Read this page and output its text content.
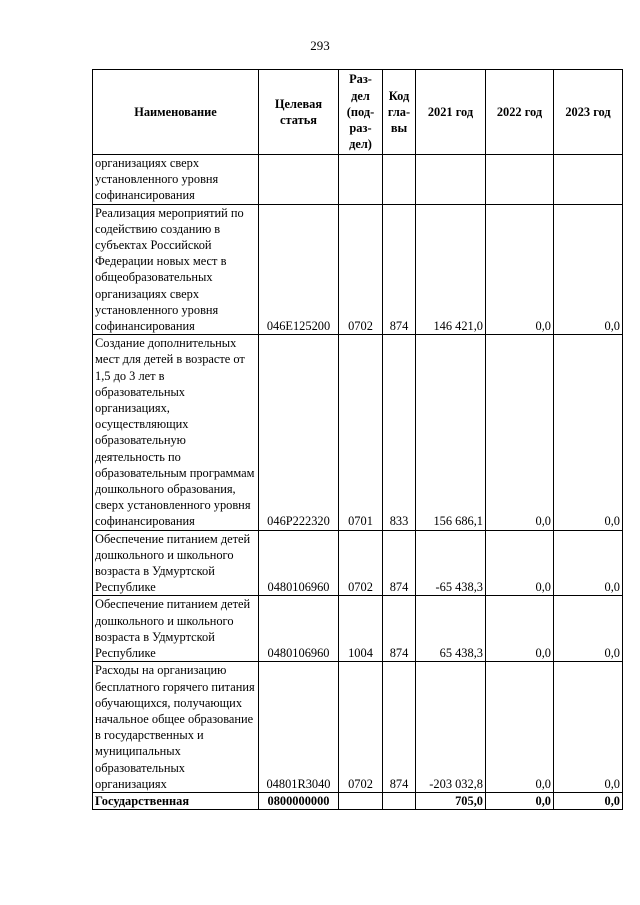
293
Наименование	Целевая статья	Раз- дел (под- раз- дел)	Код гла- вы	2021 год	2022 год	2023 год
организациях сверх установленного уровня софинансирования						
Реализация мероприятий по содействию созданию в субъектах Российской Федерации новых мест в общеобразовательных организациях сверх установленного уровня софинансирования	046E125200	0702	874	146 421,0	0,0	0,0
Создание дополнительных мест для детей в возрасте от 1,5 до 3 лет в образовательных организациях, осуществляющих образовательную деятельность по образовательным программам дошкольного образования, сверх установленного уровня софинансирования	046P222320	0701	833	156 686,1	0,0	0,0
Обеспечение питанием детей дошкольного и школьного возраста в Удмуртской Республике	0480106960	0702	874	-65 438,3	0,0	0,0
Обеспечение питанием детей дошкольного и школьного возраста в Удмуртской Республике	0480106960	1004	874	65 438,3	0,0	0,0
Расходы на организацию бесплатного горячего питания обучающихся, получающих начальное общее образование в государственных и муниципальных образовательных организациях	04801R3040	0702	874	-203 032,8	0,0	0,0
Государственная	0800000000			705,0	0,0	0,0
